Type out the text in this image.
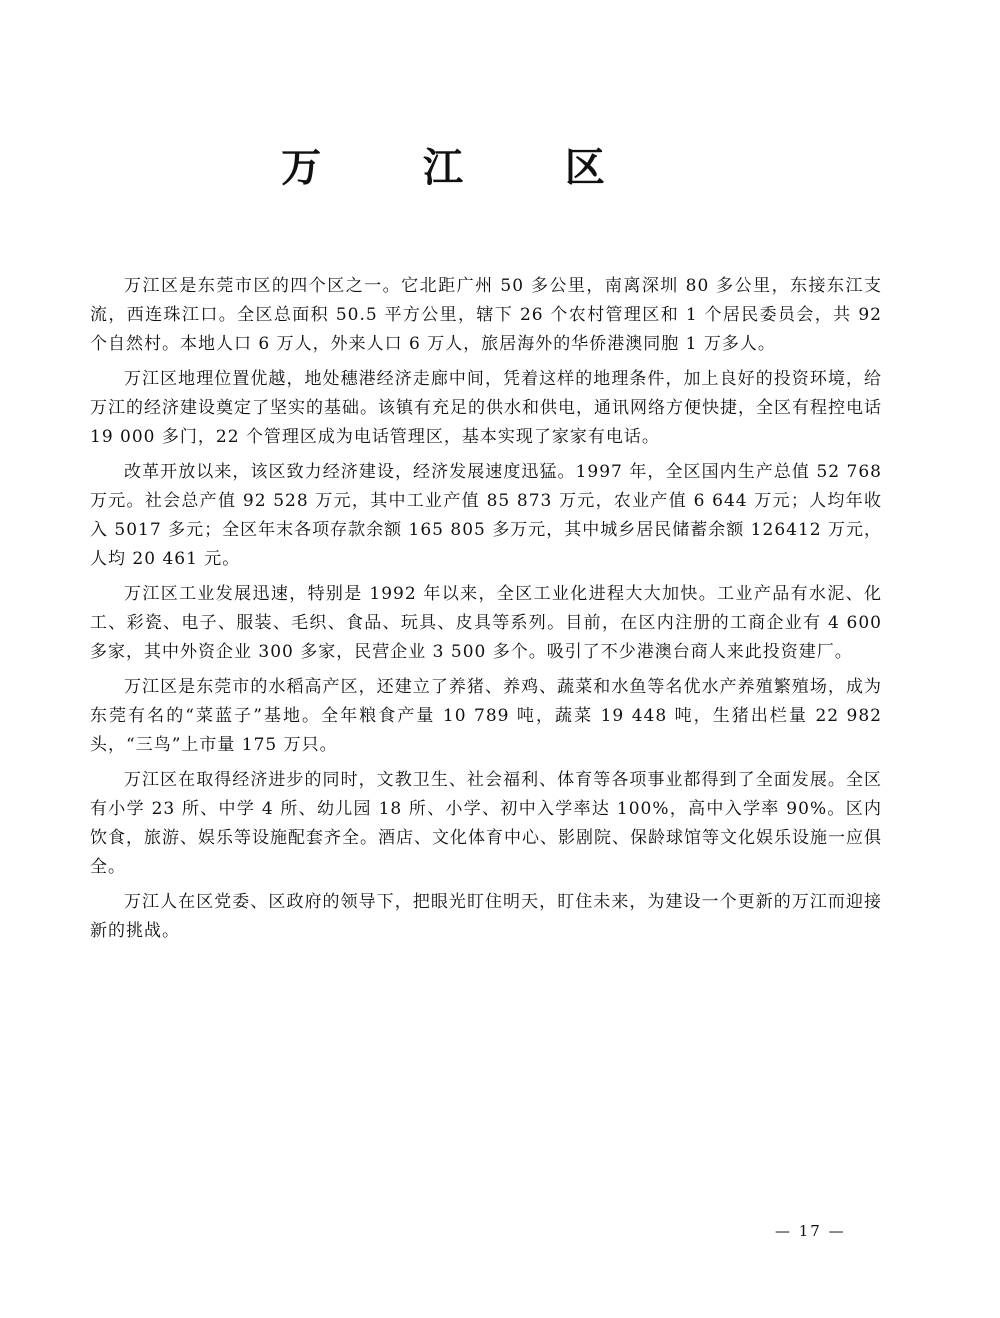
万 江 区

万江区是东莞市区的四个区之一。它北距广州 50 多公里，南离深圳 80 多公里，东接东江支流，西连珠江口。全区总面积 50.5 平方公里，辖下 26 个农村管理区和 1 个居民委员会，共 92 个自然村。本地人口 6 万人，外来人口 6 万人，旅居海外的华侨港澳同胞 1 万多人。

万江区地理位置优越，地处穗港经济走廊中间，凭着这样的地理条件，加上良好的投资环境，给万江的经济建设奠定了坚实的基础。该镇有充足的供水和供电，通讯网络方便快捷，全区有程控电话 19 000 多门，22 个管理区成为电话管理区，基本实现了家家有电话。

改革开放以来，该区致力经济建设，经济发展速度迅猛。1997 年，全区国内生产总值 52 768 万元。社会总产值 92 528 万元，其中工业产值 85 873 万元，农业产值 6 644 万元；人均年收入 5017 多元；全区年末各项存款余额 165 805 多万元，其中城乡居民储蓄余额 126412 万元，人均 20 461 元。

万江区工业发展迅速，特别是 1992 年以来，全区工业化进程大大加快。工业产品有水泥、化工、彩瓷、电子、服装、毛织、食品、玩具、皮具等系列。目前，在区内注册的工商企业有 4 600 多家，其中外资企业 300 多家，民营企业 3 500 多个。吸引了不少港澳台商人来此投资建厂。

万江区是东莞市的水稻高产区，还建立了养猪、养鸡、蔬菜和水鱼等名优水产养殖繁殖场，成为东莞有名的“菜蓝子”基地。全年粮食产量 10 789 吨，蔬菜 19 448 吨，生猪出栏量 22 982 头，“三鸟”上市量 175 万只。

万江区在取得经济进步的同时，文教卫生、社会福利、体育等各项事业都得到了全面发展。全区有小学 23 所、中学 4 所、幼儿园 18 所、小学、初中入学率达 100%，高中入学率 90%。区内饮食，旅游、娱乐等设施配套齐全。酒店、文化体育中心、影剧院、保龄球馆等文化娱乐设施一应俱全。

万江人在区党委、区政府的领导下，把眼光盯住明天，盯住未来，为建设一个更新的万江而迎接新的挑战。

— 17 —
